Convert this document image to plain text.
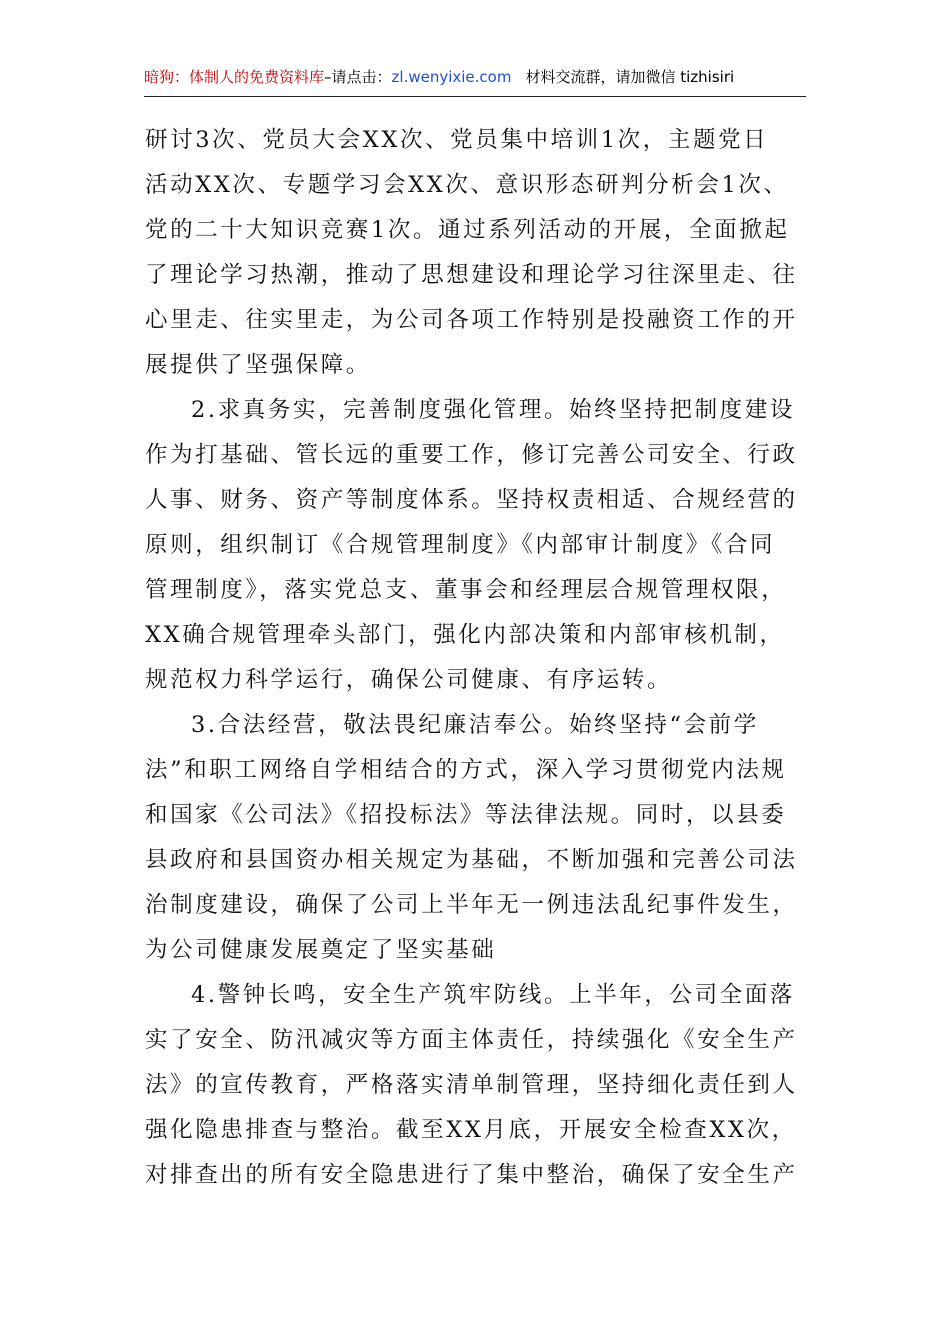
暗狗：体制人的免费资料库–请点击：zl.wenyixie.com 材料交流群，请加微信 tizhisiri
研讨3次、党员大会XX次、党员集中培训1次，主题党日
活动XX次、专题学习会XX次、意识形态研判分析会1次、
党的二十大知识竞赛1次。通过系列活动的开展，全面掀起
了理论学习热潮，推动了思想建设和理论学习往深里走、往
心里走、往实里走，为公司各项工作特别是投融资工作的开
展提供了坚强保障。
2.求真务实，完善制度强化管理。始终坚持把制度建设
作为打基础、管长远的重要工作，修订完善公司安全、行政
人事、财务、资产等制度体系。坚持权责相适、合规经营的
原则，组织制订《合规管理制度》《内部审计制度》《合同
管理制度》，落实党总支、董事会和经理层合规管理权限，
XX确合规管理牵头部门，强化内部决策和内部审核机制，
规范权力科学运行，确保公司健康、有序运转。
3.合法经营，敬法畏纪廉洁奉公。始终坚持“会前学
法”和职工网络自学相结合的方式，深入学习贯彻党内法规
和国家《公司法》《招投标法》等法律法规。同时，以县委
县政府和县国资办相关规定为基础，不断加强和完善公司法
治制度建设，确保了公司上半年无一例违法乱纪事件发生，
为公司健康发展奠定了坚实基础
4.警钟长鸣，安全生产筑牢防线。上半年，公司全面落
实了安全、防汛减灾等方面主体责任，持续强化《安全生产
法》的宣传教育，严格落实清单制管理，坚持细化责任到人
强化隐患排查与整治。截至XX月底，开展安全检查XX次，
对排查出的所有安全隐患进行了集中整治，确保了安全生产
